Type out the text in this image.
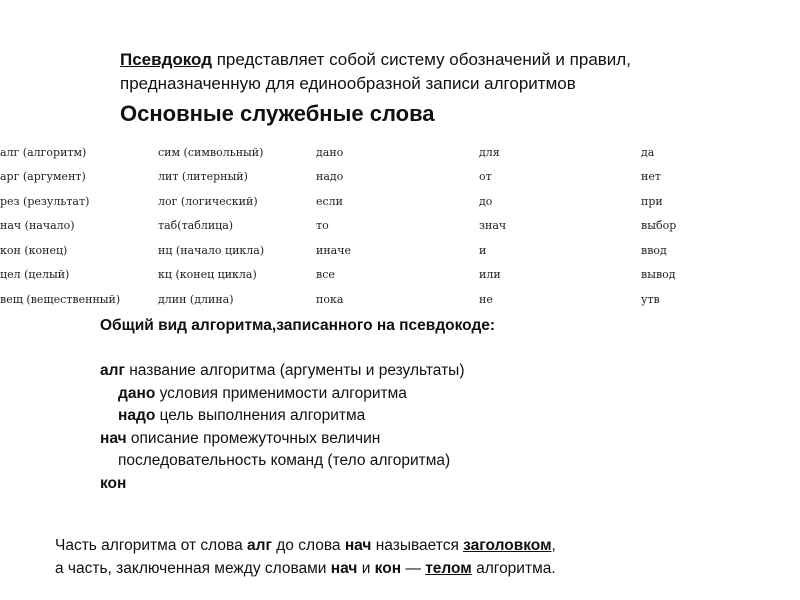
Псевдокод представляет собой систему обозначений и правил,
предназначенную для единообразной записи алгоритмов
Основные служебные слова
алг (алгоритм)	сим (символьный)	дано	для	да
арг (аргумент)	лит (литерный)	надо	от	нет
рез (результат)	лог (логический)	если	до	при
нач (начало)	таб(таблица)	то	знач	выбор
кон (конец)	нц (начало цикла)	иначе	и	ввод
цел (целый)	кц (конец цикла)	все	или	вывод
вещ (вещественный)	длин (длина)	пока	не	утв
Общий вид алгоритма,записанного на псевдокоде:
алг название алгоритма (аргументы и результаты)
дано условия применимости алгоритма
надо цель выполнения алгоритма
нач описание промежуточных величин
последовательность команд (тело алгоритма)
кон
Часть алгоритма от слова алг до слова нач называется заголовком,
а часть, заключенная между словами нач и кон — телом алгоритма.
